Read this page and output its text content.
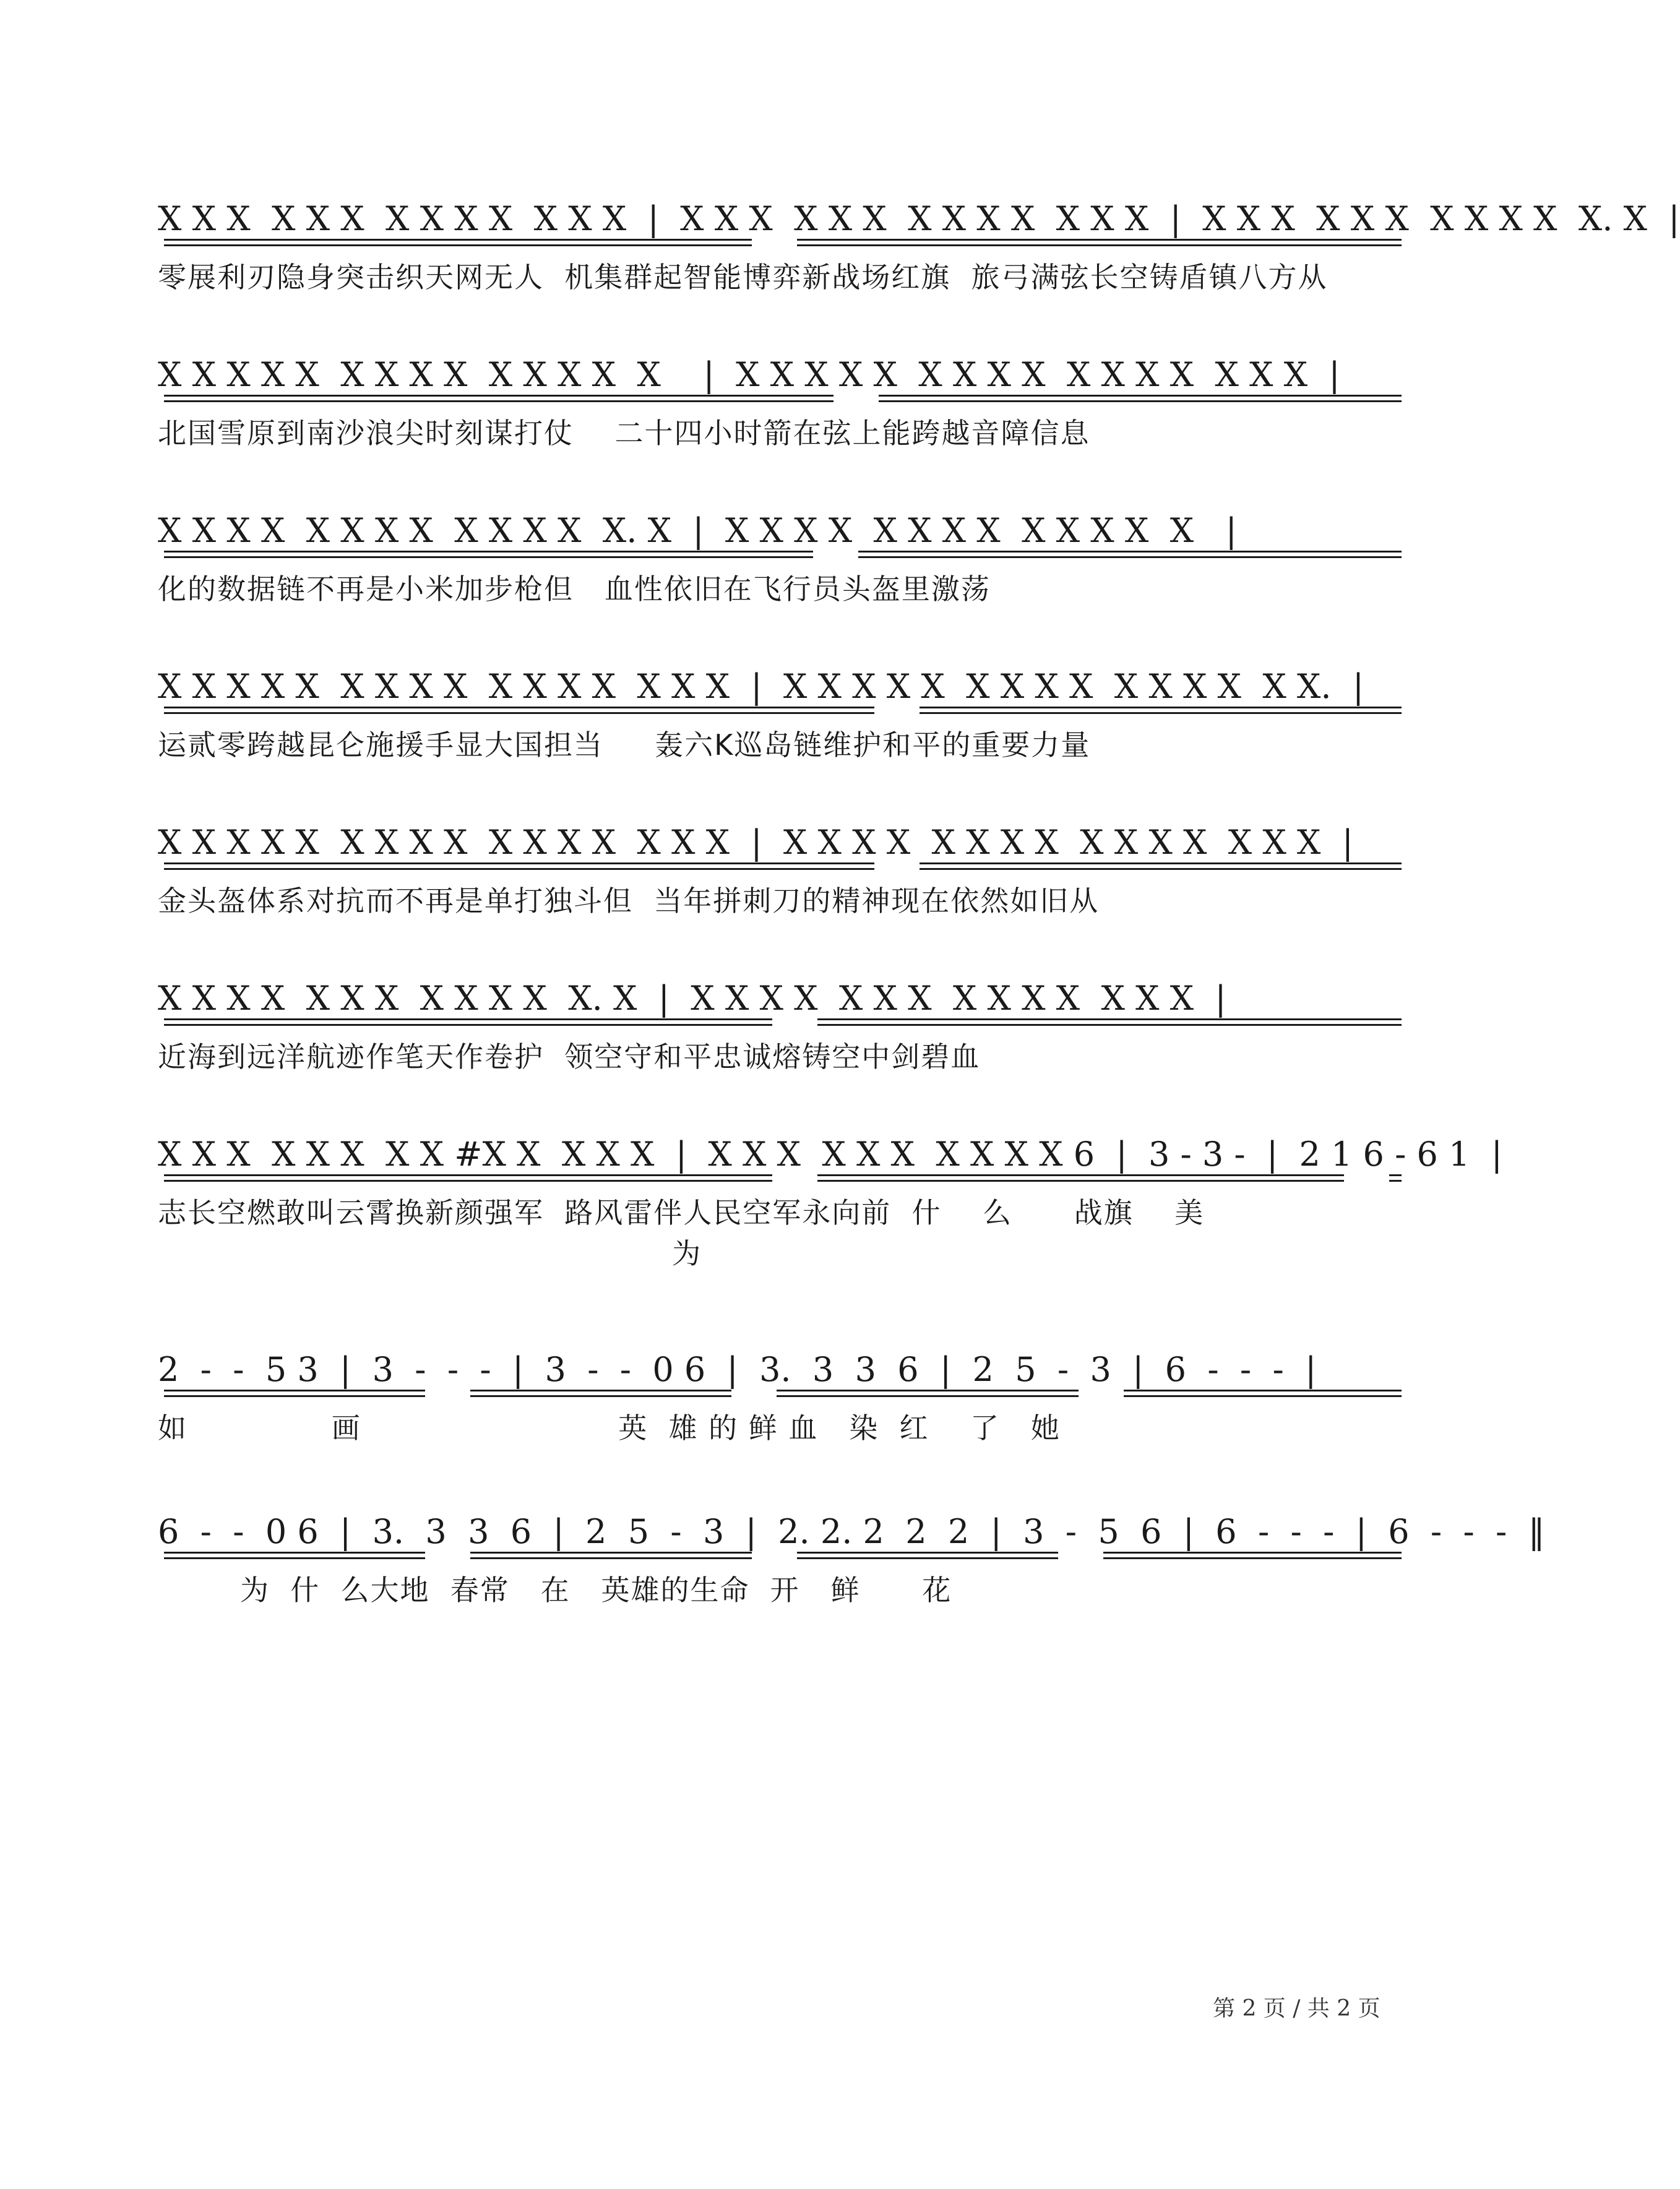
X X X  X X X  X X X X  X X X  |  X X X  X X X  X X X X  X X X  |  X X X  X X X  X X X X  X. X  |
零展利刃隐身突击织天网无人  机集群起智能博弈新战场红旗  旅弓满弦长空铸盾镇八方从
X X X X X  X X X X  X X X X  X    |  X X X X X  X X X X  X X X X  X X X  |
北国雪原到南沙浪尖时刻谋打仗    二十四小时箭在弦上能跨越音障信息
X X X X  X X X X  X X X X  X. X  |  X X X X  X X X X  X X X X  X   |
化的数据链不再是小米加步枪但   血性依旧在飞行员头盔里激荡
X X X X X  X X X X  X X X X  X X X  |  X X X X X  X X X X  X X X X  X X.  |
运贰零跨越昆仑施援手显大国担当     轰六K巡岛链维护和平的重要力量
X X X X X  X X X X  X X X X  X X X  |  X X X X  X X X X  X X X X  X X X  |
金头盔体系对抗而不再是单打独斗但  当年拼刺刀的精神现在依然如旧从
X X X X  X X X  X X X X  X. X  |  X X X X  X X X  X X X X  X X X  |
近海到远洋航迹作笔天作卷护  领空守和平忠诚熔铸空中剑碧血
X X X  X X X  X X #X X  X X X  |  X X X  X X X  X X X X 6  |  3 - 3 -  |  2 1 6 - 6 1  |
志长空燃敢叫云霄换新颜强军  路风雷伴人民空军永向前  什    么      战旗    美
为
2  -  -  5 3  |  3  -  -  -  |  3  -  -  0 6  |  3.  3  3  6  |  2  5  -  3  |  6  -  -  -  |
如              画                         英  雄 的 鲜 血   染  红    了   她
6  -  -  0 6  |  3.  3  3  6  |  2  5  -  3  |  2. 2. 2  2  2  |  3  -  5  6  |  6  -  -  -  |  6  -  -  -  ‖
为  什  么大地  春常   在   英雄的生命  开   鲜      花
第 2 页 / 共 2 页
